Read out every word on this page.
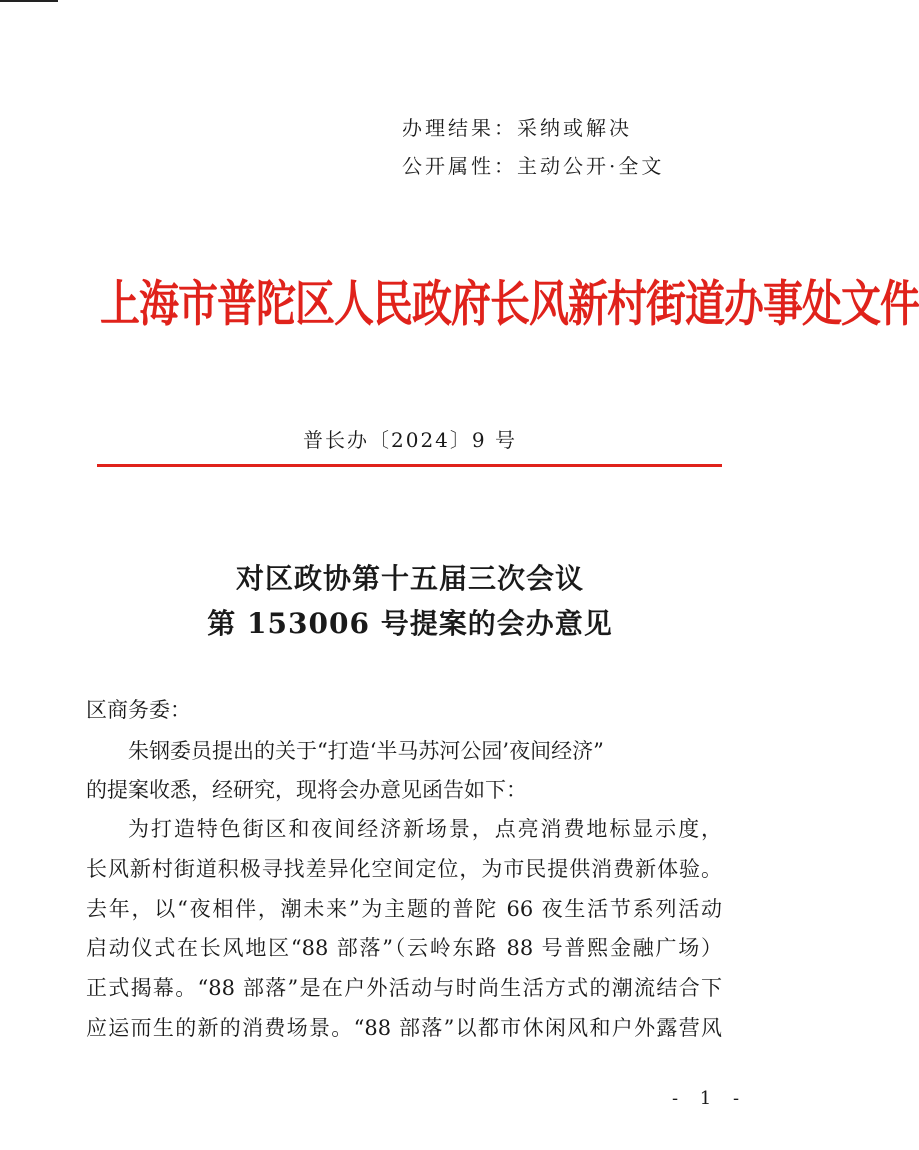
办理结果：采纳或解决
公开属性：主动公开·全文
上海市普陀区人民政府长风新村街道办事处文件
普长办〔2024〕9 号
对区政协第十五届三次会议
第 153006 号提案的会办意见
区商务委：
朱钢委员提出的关于“打造‘半马苏河公园’夜间经济”
的提案收悉，经研究，现将会办意见函告如下：
为打造特色街区和夜间经济新场景，点亮消费地标显示度，
长风新村街道积极寻找差异化空间定位，为市民提供消费新体验。
去年，以“夜相伴，潮未来”为主题的普陀 66 夜生活节系列活动
启动仪式在长风地区“88 部落”（云岭东路 88 号普熙金融广场）
正式揭幕。“88 部落”是在户外活动与时尚生活方式的潮流结合下
应运而生的新的消费场景。“88 部落”以都市休闲风和户外露营风
- 1 -
